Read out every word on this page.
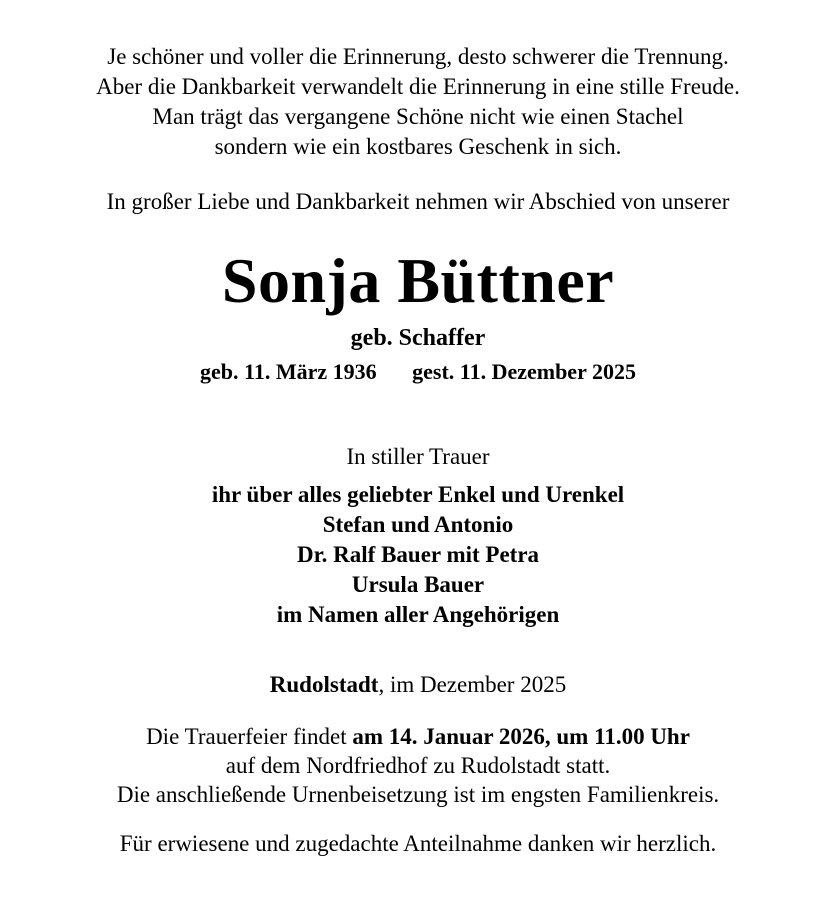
Je schöner und voller die Erinnerung, desto schwerer die Trennung.
Aber die Dankbarkeit verwandelt die Erinnerung in eine stille Freude.
Man trägt das vergangene Schöne nicht wie einen Stachel
sondern wie ein kostbares Geschenk in sich.
In großer Liebe und Dankbarkeit nehmen wir Abschied von unserer
Sonja Büttner
geb. Schaffer
geb. 11. März 1936 gest. 11. Dezember 2025
In stiller Trauer
ihr über alles geliebter Enkel und Urenkel
Stefan und Antonio
Dr. Ralf Bauer mit Petra
Ursula Bauer
im Namen aller Angehörigen
Rudolstadt, im Dezember 2025
Die Trauerfeier findet am 14. Januar 2026, um 11.00 Uhr
auf dem Nordfriedhof zu Rudolstadt statt.
Die anschließende Urnenbeisetzung ist im engsten Familienkreis.
Für erwiesene und zugedachte Anteilnahme danken wir herzlich.
